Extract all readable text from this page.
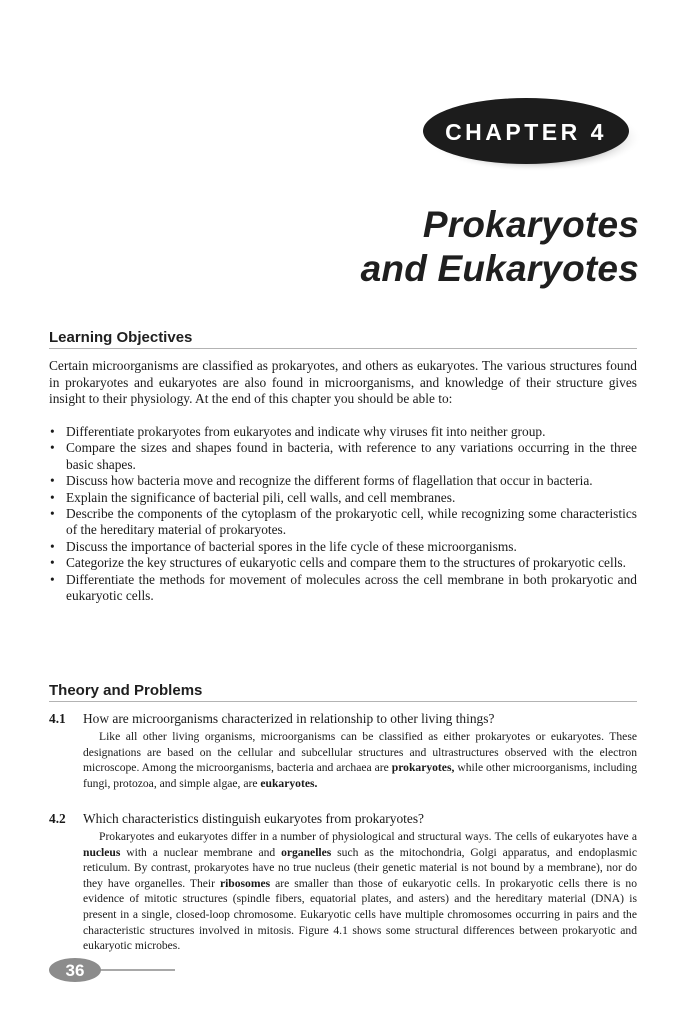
CHAPTER 4
Prokaryotes
and Eukaryotes
Learning Objectives
Certain microorganisms are classified as prokaryotes, and others as eukaryotes. The various structures found in prokaryotes and eukaryotes are also found in microorganisms, and knowledge of their structure gives insight to their physiology. At the end of this chapter you should be able to:
• Differentiate prokaryotes from eukaryotes and indicate why viruses fit into neither group.
• Compare the sizes and shapes found in bacteria, with reference to any variations occurring in the three basic shapes.
• Discuss how bacteria move and recognize the different forms of flagellation that occur in bacteria.
• Explain the significance of bacterial pili, cell walls, and cell membranes.
• Describe the components of the cytoplasm of the prokaryotic cell, while recognizing some characteristics of the hereditary material of prokaryotes.
• Discuss the importance of bacterial spores in the life cycle of these microorganisms.
• Categorize the key structures of eukaryotic cells and compare them to the structures of prokaryotic cells.
• Differentiate the methods for movement of molecules across the cell membrane in both prokaryotic and eukaryotic cells.
Theory and Problems
4.1 How are microorganisms characterized in relationship to other living things?
Like all other living organisms, microorganisms can be classified as either prokaryotes or eukaryotes. These designations are based on the cellular and subcellular structures and ultrastructures observed with the electron microscope. Among the microorganisms, bacteria and archaea are prokaryotes, while other microorganisms, including fungi, protozoa, and simple algae, are eukaryotes.
4.2 Which characteristics distinguish eukaryotes from prokaryotes?
Prokaryotes and eukaryotes differ in a number of physiological and structural ways. The cells of eukaryotes have a nucleus with a nuclear membrane and organelles such as the mitochondria, Golgi apparatus, and endoplasmic reticulum. By contrast, prokaryotes have no true nucleus (their genetic material is not bound by a membrane), nor do they have organelles. Their ribosomes are smaller than those of eukaryotic cells. In prokaryotic cells there is no evidence of mitotic structures (spindle fibers, equatorial plates, and asters) and the hereditary material (DNA) is present in a single, closed-loop chromosome. Eukaryotic cells have multiple chromosomes occurring in pairs and the characteristic structures involved in mitosis. Figure 4.1 shows some structural differences between prokaryotic and eukaryotic microbes.
36
